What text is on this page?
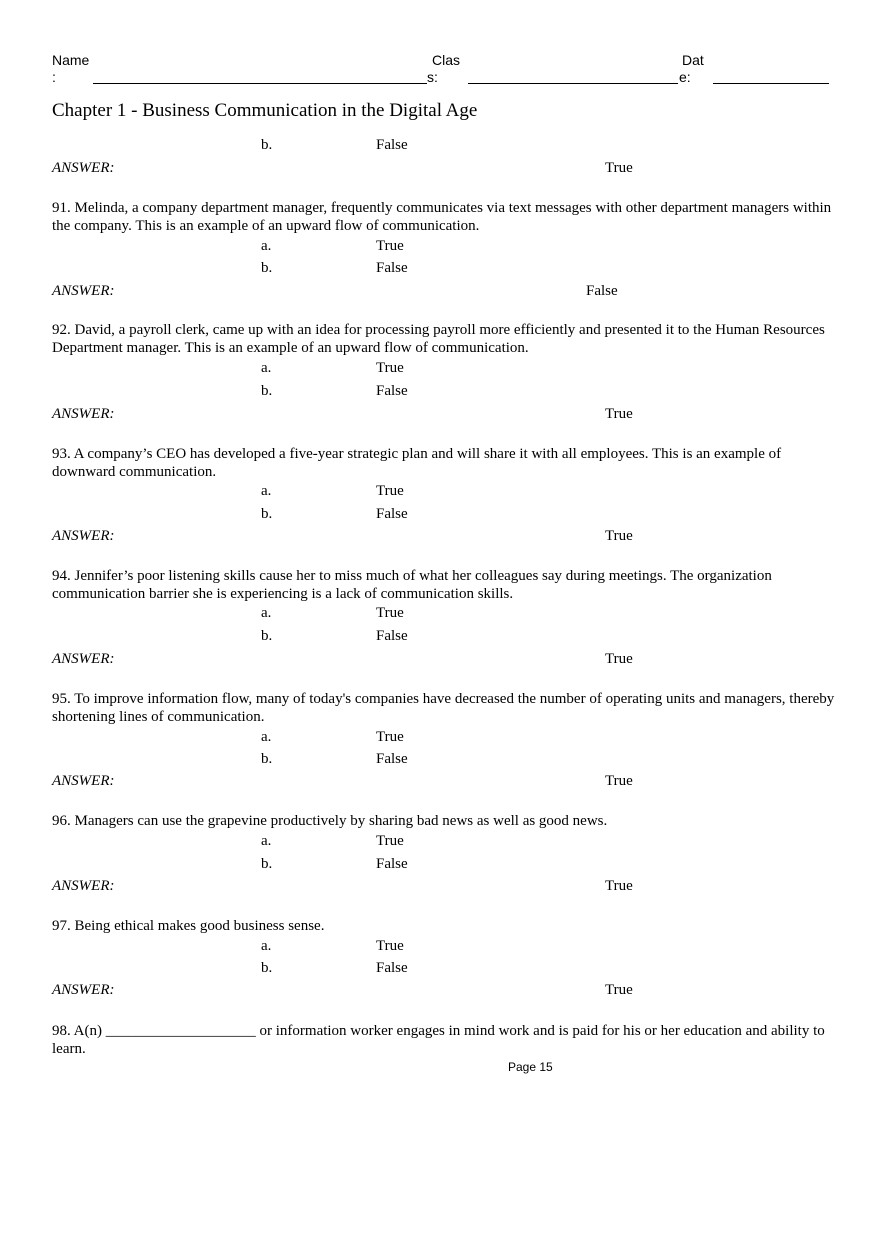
Name
:
Clas
s:
Dat
e:
Chapter 1 - Business Communication in the Digital Age
b.	False
ANSWER:	True
91. Melinda, a company department manager, frequently communicates via text messages with other department managers within the company. This is an example of an upward flow of communication.
a.	True
b.	False
ANSWER:	False
92. David, a payroll clerk, came up with an idea for processing payroll more efficiently and presented it to the Human Resources Department manager. This is an example of an upward flow of communication.
a.	True
b.	False
ANSWER:	True
93. A company’s CEO has developed a five-year strategic plan and will share it with all employees. This is an example of downward communication.
a.	True
b.	False
ANSWER:	True
94. Jennifer’s poor listening skills cause her to miss much of what her colleagues say during meetings. The organization communication barrier she is experiencing is a lack of communication skills.
a.	True
b.	False
ANSWER:	True
95. To improve information flow, many of today's companies have decreased the number of operating units and managers, thereby shortening lines of communication.
a.	True
b.	False
ANSWER:	True
96. Managers can use the grapevine productively by sharing bad news as well as good news.
a.	True
b.	False
ANSWER:	True
97. Being ethical makes good business sense.
a.	True
b.	False
ANSWER:	True
98. A(n) ____________________ or information worker engages in mind work and is paid for his or her education and ability to learn.
Page 15
